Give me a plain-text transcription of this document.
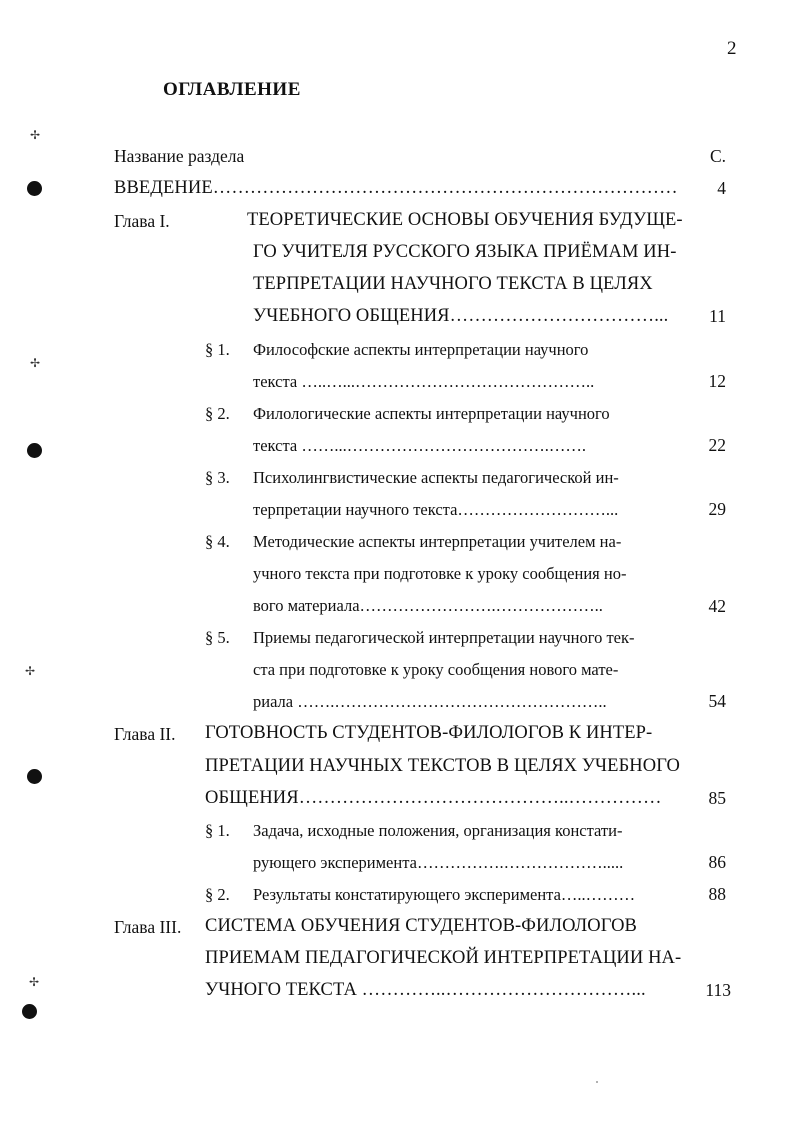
2
ОГЛАВЛЕНИЕ
Название раздела	С.
ВВЕДЕНИЕ…………………………………………………………………	4
Глава I.	ТЕОРЕТИЧЕСКИЕ ОСНОВЫ ОБУЧЕНИЯ БУДУЩЕ-
ГО УЧИТЕЛЯ РУССКОГО ЯЗЫКА ПРИЁМАМ ИН-
ТЕРПРЕТАЦИИ НАУЧНОГО ТЕКСТА В ЦЕЛЯХ
УЧЕБНОГО ОБЩЕНИЯ……………………………...	11
§ 1. Философские аспекты интерпретации научного
текста …..…...……………………………………..	12
§ 2. Филологические аспекты интерпретации научного
текста ……...……………………………….…….	22
§ 3. Психолингвистические аспекты педагогической ин-
терпретации научного текста………………………...	29
§ 4. Методические аспекты интерпретации учителем на-
учного текста при подготовке к уроку сообщения но-
вого материала…………………….………………..	42
§ 5. Приемы педагогической интерпретации научного тек-
ста при подготовке к уроку сообщения нового мате-
риала …….…………………………………………..	54
Глава II. ГОТОВНОСТЬ СТУДЕНТОВ-ФИЛОЛОГОВ К ИНТЕР-
ПРЕТАЦИИ НАУЧНЫХ ТЕКСТОВ В ЦЕЛЯХ УЧЕБНОГО
ОБЩЕНИЯ……………………………………..……………	85
§ 1. Задача, исходные положения, организация констати-
рующего эксперимента…………….……………….....	86
§ 2. Результаты констатирующего эксперимента…..………	88
Глава III. СИСТЕМА ОБУЧЕНИЯ СТУДЕНТОВ-ФИЛОЛОГОВ
ПРИЕМАМ ПЕДАГОГИЧЕСКОЙ ИНТЕРПРЕТАЦИИ НА-
УЧНОГО ТЕКСТА …………..…………………………...	113
✢
✢
✢
✢
